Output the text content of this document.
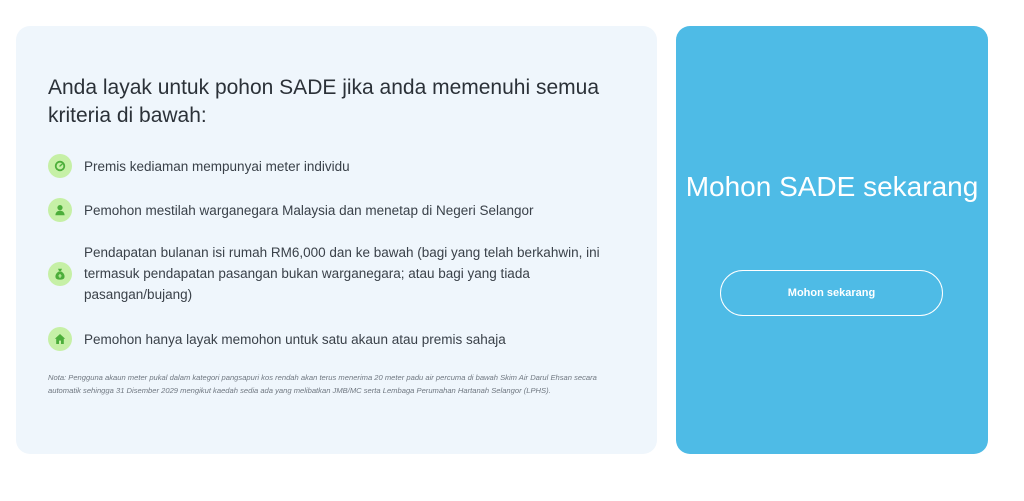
Anda layak untuk pohon SADE jika anda memenuhi semua kriteria di bawah:
Premis kediaman mempunyai meter individu
Pemohon mestilah warganegara Malaysia dan menetap di Negeri Selangor
Pendapatan bulanan isi rumah RM6,000 dan ke bawah (bagi yang telah berkahwin, ini termasuk pendapatan pasangan bukan warganegara; atau bagi yang tiada pasangan/bujang)
Pemohon hanya layak memohon untuk satu akaun atau premis sahaja

Nota: Pengguna akaun meter pukal dalam kategori pangsapuri kos rendah akan terus menerima 20 meter padu air percuma di bawah Skim Air Darul Ehsan secara automatik sehingga 31 Disember 2029 mengikut kaedah sedia ada yang melibatkan JMB/MC serta Lembaga Perumahan Hartanah Selangor (LPHS).

Mohon SADE sekarang
Mohon sekarang
